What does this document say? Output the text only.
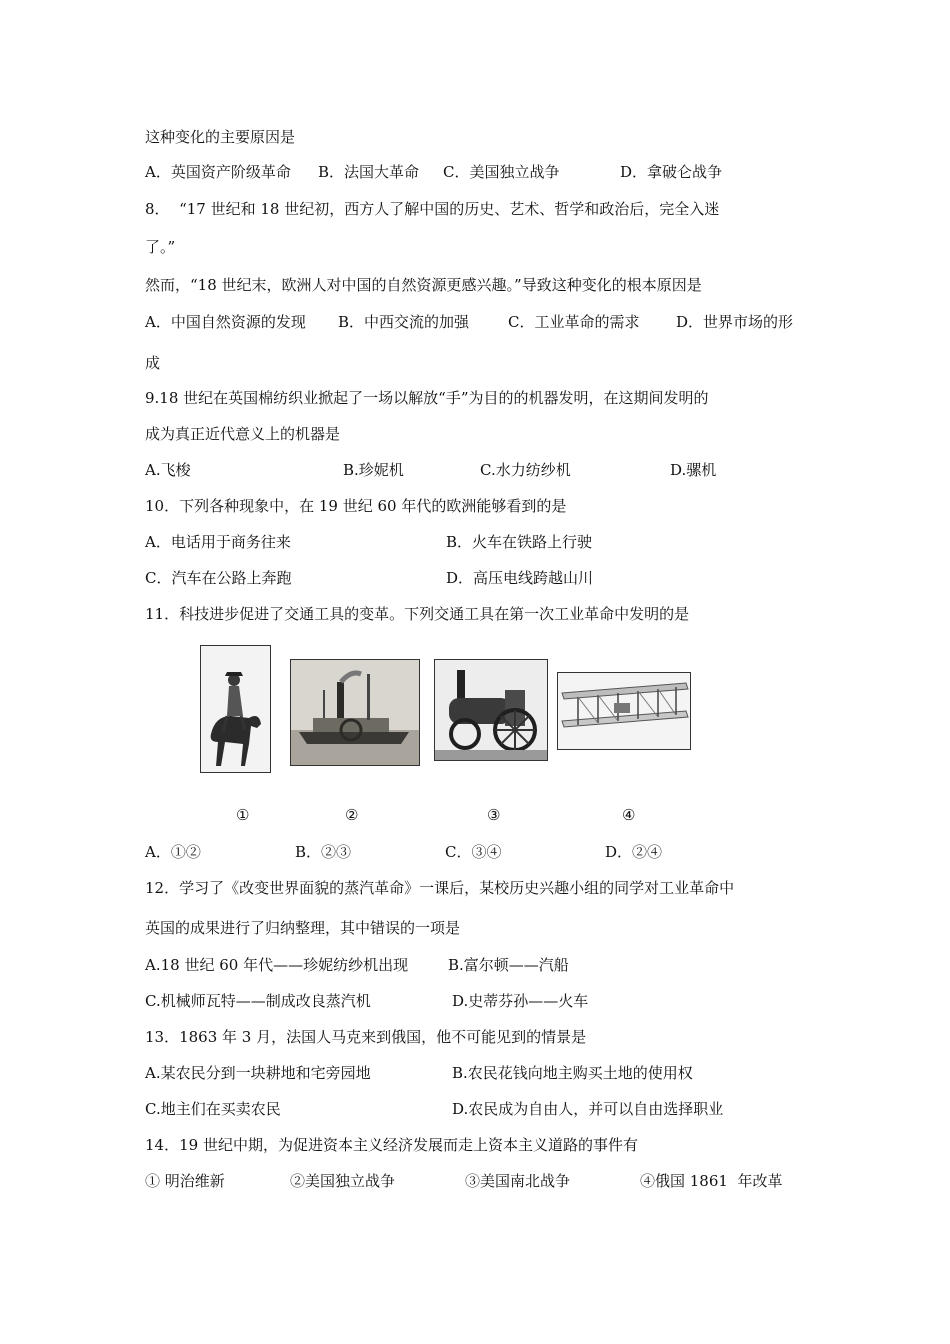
这种变化的主要原因是
A．英国资产阶级革命 B．法国大革命 C．美国独立战争	D．拿破仑战争
8．  “17 世纪和 18 世纪初，西方人了解中国的历史、艺术、哲学和政治后，完全入迷
了。”
然而，“18 世纪末，欧洲人对中国的自然资源更感兴趣。”导致这种变化的根本原因是
A．中国自然资源的发现 B．中西交流的加强	C．工业革命的需求 D．世界市场的形
成
9.18 世纪在英国棉纺织业掀起了一场以解放“手”为目的的机器发明，在这期间发明的
成为真正近代意义上的机器是
A.飞梭	B.珍妮机	C.水力纺纱机	D.骡机
10．下列各种现象中，在 19 世纪 60 年代的欧洲能够看到的是
A．电话用于商务往来	B．火车在铁路上行驶
C．汽车在公路上奔跑	D．高压电线跨越山川
11．科技进步促进了交通工具的变革。下列交通工具在第一次工业革命中发明的是
①	②	③	④
A．①②	B．②③	C．③④	D．②④
12．学习了《改变世界面貌的蒸汽革命》一课后，某校历史兴趣小组的同学对工业革命中
英国的成果进行了归纳整理，其中错误的一项是
A.18 世纪 60 年代——珍妮纺纱机出现	B.富尔顿——汽船
C.机械师瓦特——制成改良蒸汽机	D.史蒂芬孙——火车
13．1863 年 3 月，法国人马克来到俄国，他不可能见到的情景是
A.某农民分到一块耕地和宅旁园地	B.农民花钱向地主购买土地的使用权
C.地主们在买卖农民	D.农民成为自由人，并可以自由选择职业
14．19 世纪中期，为促进资本主义经济发展而走上资本主义道路的事件有
① 明治维新	②美国独立战争	③美国南北战争	④俄国 1861  年改革
